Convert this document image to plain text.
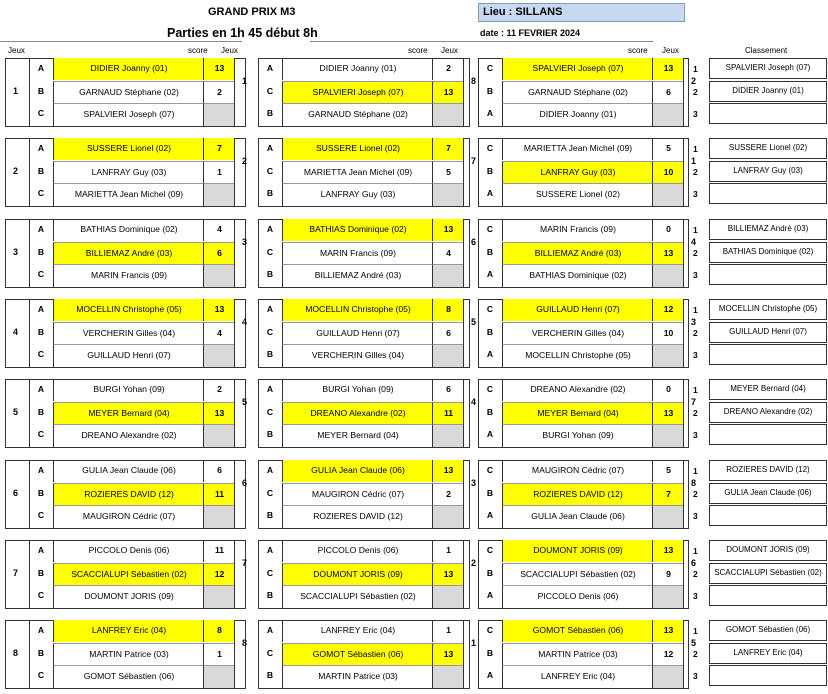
GRAND PRIX M3
Parties en 1h 45 début 8h
Lieu : SILLANS
date : 11 FEVRIER 2024
Jeux	score Jeux	score Jeux	score Jeux	Classement
1
A	DIDIER Joanny (01)	13
B	GARNAUD Stéphane (02)	2
C	SPALVIERI Joseph (07)
1
A	DIDIER Joanny (01)	2
C	SPALVIERI Joseph (07)	13
B	GARNAUD Stéphane (02)
8
C	SPALVIERI Joseph (07)	13
B	GARNAUD Stéphane (02)	6
A	DIDIER Joanny (01)
2
1	SPALVIERI Joseph (07)
2	DIDIER Joanny (01)
3
2
A	SUSSERE Lionel (02)	7
B	LANFRAY Guy (03)	1
C	MARIETTA Jean Michel (09)
2
A	SUSSERE Lionel (02)	7
C	MARIETTA Jean Michel (09)	5
B	LANFRAY Guy (03)
7
C	MARIETTA Jean Michel (09)	5
B	LANFRAY Guy (03)	10
A	SUSSERE Lionel (02)
1
1	SUSSERE Lionel (02)
2	LANFRAY Guy (03)
3
3
A	BATHIAS Dominique (02)	4
B	BILLIEMAZ André (03)	6
C	MARIN Francis (09)
3
A	BATHIAS Dominique (02)	13
C	MARIN Francis (09)	4
B	BILLIEMAZ André (03)
6
C	MARIN Francis (09)	0
B	BILLIEMAZ André (03)	13
A	BATHIAS Dominique (02)
4
1	BILLIEMAZ André (03)
2	BATHIAS Dominique (02)
3
4
A	MOCELLIN Christophe (05)	13
B	VERCHERIN Gilles (04)	4
C	GUILLAUD Henri (07)
4
A	MOCELLIN Christophe (05)	8
C	GUILLAUD Henri (07)	6
B	VERCHERIN Gilles (04)
5
C	GUILLAUD Henri (07)	12
B	VERCHERIN Gilles (04)	10
A	MOCELLIN Christophe (05)
3
1	MOCELLIN Christophe (05)
2	GUILLAUD Henri (07)
3
5
A	BURGI Yohan (09)	2
B	MEYER Bernard (04)	13
C	DREANO Alexandre (02)
5
A	BURGI Yohan (09)	6
C	DREANO Alexandre (02)	11
B	MEYER Bernard (04)
4
C	DREANO Alexandre (02)	0
B	MEYER Bernard (04)	13
A	BURGI Yohan (09)
7
1	MEYER Bernard (04)
2	DREANO Alexandre (02)
3
6
A	GULIA Jean Claude (06)	6
B	ROZIERES DAVID (12)	11
C	MAUGIRON Cédric (07)
6
A	GULIA Jean Claude (06)	13
C	MAUGIRON Cédric (07)	2
B	ROZIERES DAVID (12)
3
C	MAUGIRON Cédric (07)	5
B	ROZIERES DAVID (12)	7
A	GULIA Jean Claude (06)
8
1	ROZIERES DAVID (12)
2	GULIA Jean Claude (06)
3
7
A	PICCOLO Denis (06)	11
B	SCACCIALUPI Sébastien (02)	12
C	DOUMONT JORIS (09)
7
A	PICCOLO Denis (06)	1
C	DOUMONT JORIS (09)	13
B	SCACCIALUPI Sébastien (02)
2
C	DOUMONT JORIS (09)	13
B	SCACCIALUPI Sébastien (02)	9
A	PICCOLO Denis (06)
6
1	DOUMONT JORIS (09)
2	SCACCIALUPI Sébastien (02)
3
8
A	LANFREY Eric (04)	8
B	MARTIN Patrice (03)	1
C	GOMOT Sébastien (06)
8
A	LANFREY Eric (04)	1
C	GOMOT Sébastien (06)	13
B	MARTIN Patrice (03)
1
C	GOMOT Sébastien (06)	13
B	MARTIN Patrice (03)	12
A	LANFREY Eric (04)
5
1	GOMOT Sébastien (06)
2	LANFREY Eric (04)
3
